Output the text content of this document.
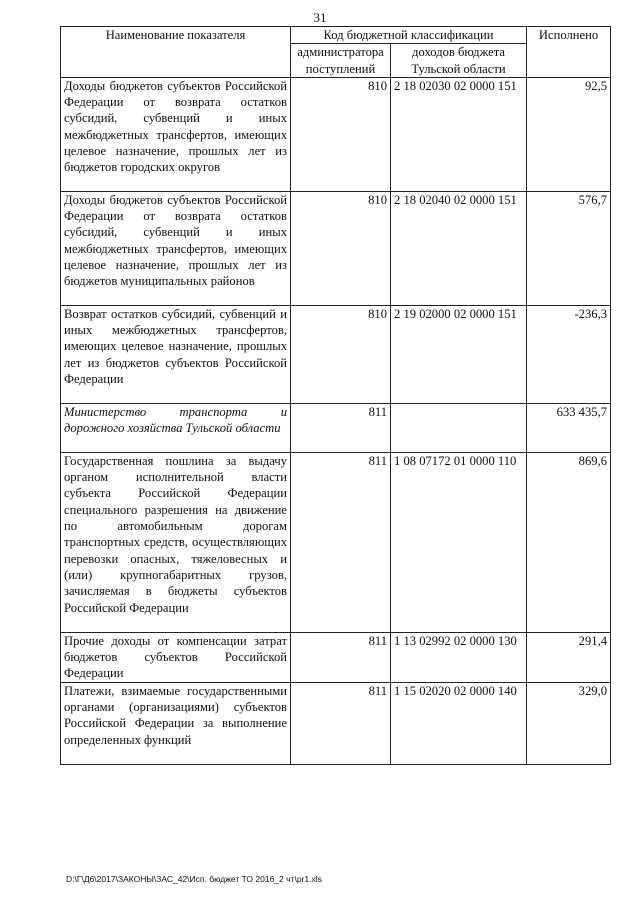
31
Наименование показателя	Код бюджетной классификации		Исполнено
	администратора поступлений	доходов бюджета Тульской области	
Доходы бюджетов субъектов Российской Федерации от возврата остатков субсидий, субвенций и иных межбюджетных трансфертов, имеющих целевое назначение, прошлых лет из бюджетов городских округов	810	2 18 02030 02 0000 151	92,5
Доходы бюджетов субъектов Российской Федерации от возврата остатков субсидий, субвенций и иных межбюджетных трансфертов, имеющих целевое назначение, прошлых лет из бюджетов муниципальных районов	810	2 18 02040 02 0000 151	576,7
Возврат остатков субсидий, субвенций и иных межбюджетных трансфертов, имеющих целевое назначение, прошлых лет из бюджетов субъектов Российской Федерации	810	2 19 02000 02 0000 151	-236,3
Министерство транспорта и дорожного хозяйства Тульской области	811		633 435,7
Государственная пошлина за выдачу органом исполнительной власти субъекта Российской Федерации специального разрешения на движение по автомобильным дорогам транспортных средств, осуществляющих перевозки опасных, тяжеловесных и (или) крупногабаритных грузов, зачисляемая в бюджеты субъектов Российской Федерации	811	1 08 07172 01 0000 110	869,6
Прочие доходы от компенсации затрат бюджетов субъектов Российской Федерации	811	1 13 02992 02 0000 130	291,4
Платежи, взимаемые государственными органами (организациями) субъектов Российской Федерации за выполнение определенных функций	811	1 15 02020 02 0000 140	329,0
D:\Г\Д6\2017\ЗАКОНЫ\ЗАС_42\Исп. бюджет ТО 2016_2 чт\pr1.xls
